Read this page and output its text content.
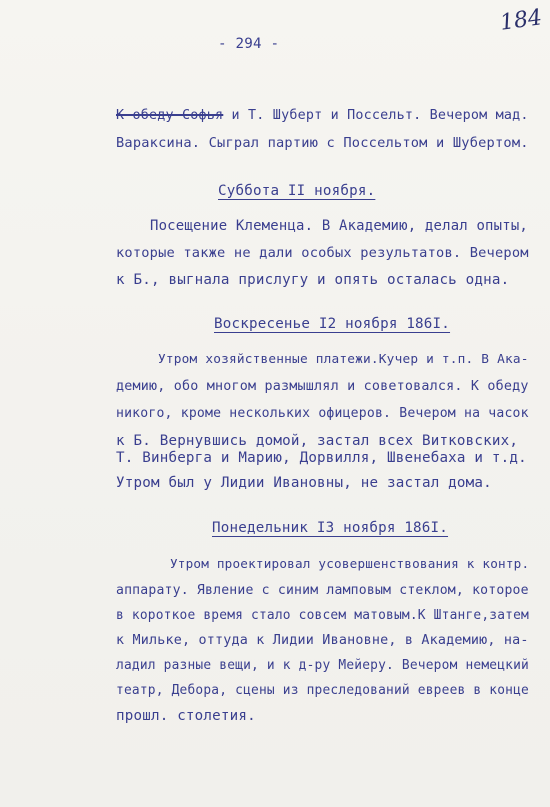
184
- 294 -
К обеду Софья и Т. Шуберт и Поссельт. Вечером мад.
Вараксина. Сыграл партию с Поссельтом и Шубертом.
Суббота II ноября.
Посещение Клеменца. В Академию, делал опыты,
которые также не дали особых результатов. Вечером
к Б., выгнала прислугу и опять осталась одна.
Воскресенье I2 ноября 186I.
Утром хозяйственные платежи.Кучер и т.п. В Ака-
демию, обо многом размышлял и советовался. К обеду
никого, кроме нескольких офицеров. Вечером на часок
к Б. Вернувшись домой, застал всех Витковских,
Т. Винберга и Марию, Дорвилля, Швенебаха и т.д.
Утром был у Лидии Ивановны, не застал дома.
Понедельник I3 ноября 186I.
Утром проектировал усовершенствования к контр.
аппарату. Явление с синим ламповым стеклом, которое
в короткое время стало совсем матовым.К Штанге,затем
к Мильке, оттуда к Лидии Ивановне, в Академию, на-
ладил разные вещи, и к д-ру Мейеру. Вечером немецкий
театр, Дебора, сцены из преследований евреев в конце
прошл. столетия.
